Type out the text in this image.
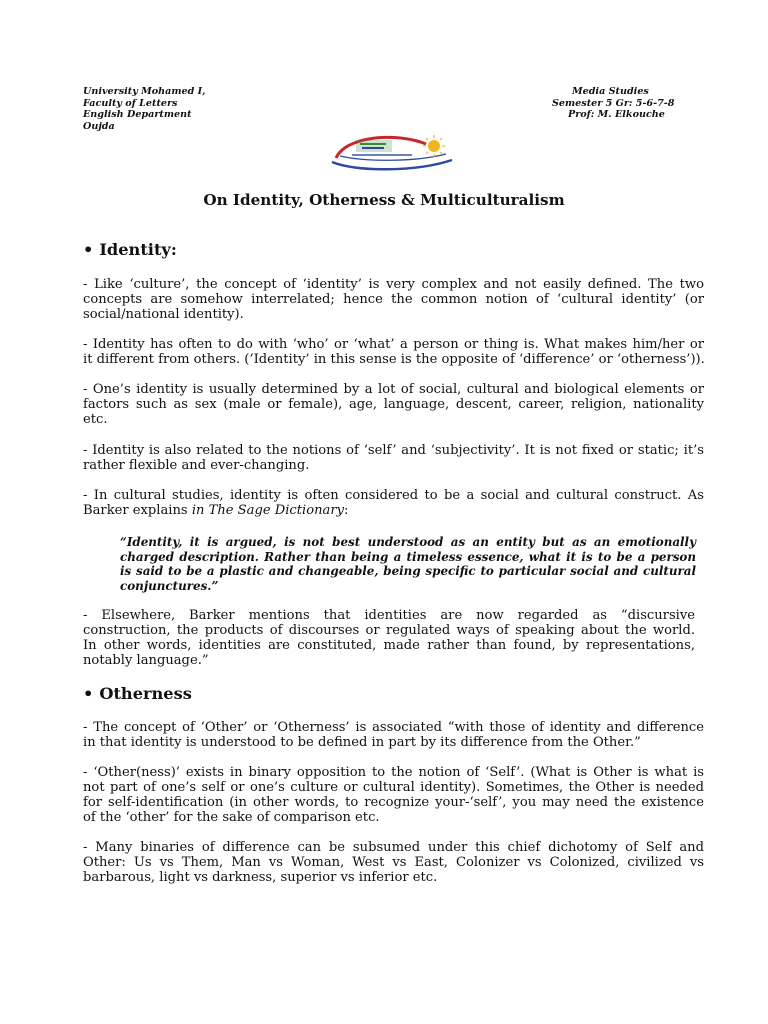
University Mohamed I,
Faculty of Letters
English Department
Oujda
Media Studies
Semester 5 Gr: 5-6-7-8
Prof: M. Elkouche
On Identity, Otherness & Multiculturalism
• Identity:
- Like ‘culture’, the concept of ‘identity’ is very complex and not easily defined. The two
concepts are somehow interrelated; hence the common notion of ‘cultural identity’ (or
social/national identity).
- Identity has often to do with ‘who’ or ‘what’ a person or thing is. What makes him/her or
it different from others. (‘Identity’ in this sense is the opposite of ‘difference’ or ‘otherness’)).
- One’s identity is usually determined by a lot of social, cultural and biological elements or
factors such as sex (male or female), age, language, descent, career, religion, nationality
etc.
- Identity is also related to the notions of ‘self’ and ‘subjectivity’. It is not fixed or static; it’s
rather flexible and ever-changing.
- In cultural studies, identity is often considered to be a social and cultural construct. As
Barker explains in The Sage Dictionary:
“Identity, it is argued, is not best understood as an entity but as an emotionally
charged description. Rather than being a timeless essence, what it is to be a person
is said to be a plastic and changeable, being specific to particular social and cultural
conjunctures.”
- Elsewhere, Barker mentions that identities are now regarded as “discursive
construction, the products of discourses or regulated ways of speaking about the world.
In other words, identities are constituted, made rather than found, by representations,
notably language.”
• Otherness
- The concept of ‘Other’ or ‘Otherness’ is associated “with those of identity and difference
in that identity is understood to be defined in part by its difference from the Other.”
- ‘Other(ness)’ exists in binary opposition to the notion of ‘Self’. (What is Other is what is
not part of one’s self or one’s culture or cultural identity). Sometimes, the Other is needed
for self-identification (in other words, to recognize your-‘self’, you may need the existence
of the ‘other’ for the sake of comparison etc.
- Many binaries of difference can be subsumed under this chief dichotomy of Self and
Other: Us vs Them, Man vs Woman, West vs East, Colonizer vs Colonized, civilized vs
barbarous, light vs darkness, superior vs inferior etc.
